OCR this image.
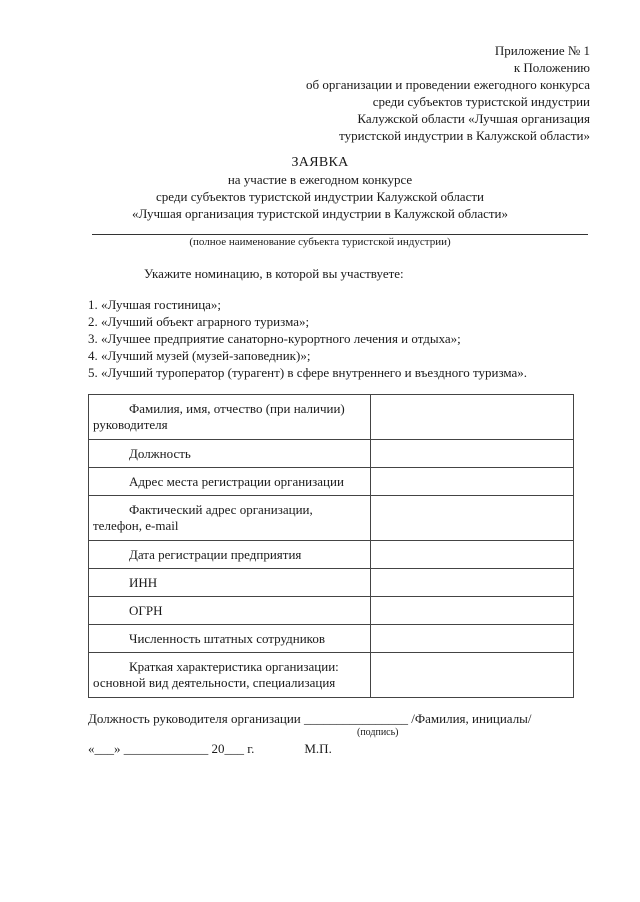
Приложение № 1
к Положению
об организации и проведении ежегодного конкурса
среди субъектов туристской индустрии
Калужской области «Лучшая организация
туристской индустрии в Калужской области»
ЗАЯВКА
на участие в ежегодном конкурсе
среди субъектов туристской индустрии Калужской области
«Лучшая организация туристской индустрии в Калужской области»
(полное наименование субъекта туристской индустрии)
Укажите номинацию, в которой вы участвуете:
1. «Лучшая гостиница»;
2. «Лучший объект аграрного туризма»;
3. «Лучшее предприятие санаторно-курортного лечения и отдыха»;
4. «Лучший музей (музей-заповедник)»;
5. «Лучший туроператор (турагент) в сфере внутреннего и въездного туризма».
Фамилия, имя, отчество (при наличии)
руководителя	
Должность	
Адрес места регистрации организации	
Фактический адрес организации,
телефон, e-mail	
Дата регистрации предприятия	
ИНН	
ОГРН	
Численность штатных сотрудников	
Краткая характеристика организации:
основной вид деятельности, специализация	
Должность руководителя организации ________________ /Фамилия, инициалы/
(подпись)
«___» _____________ 20___ г.	М.П.
